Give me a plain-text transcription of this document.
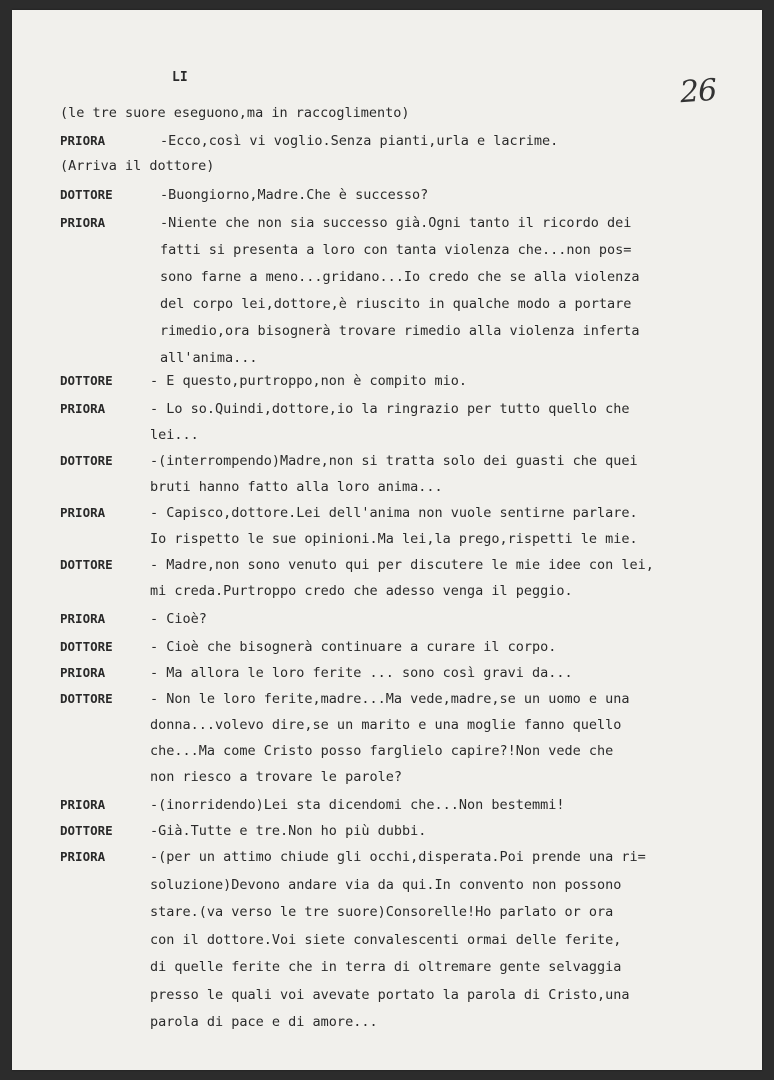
LI	26
(le tre suore eseguono,ma in raccoglimento)
PRIORA	-Ecco,così vi voglio.Senza pianti,urla e lacrime.
(Arriva il dottore)
DOTTORE	-Buongiorno,Madre.Che è successo?
PRIORA	-Niente che non sia successo già.Ogni tanto il ricordo dei
fatti si presenta a loro con tanta violenza che...non pos=
sono farne a meno...gridano...Io credo che se alla violenza
del corpo lei,dottore,è riuscito in qualche modo a portare
rimedio,ora bisognerà trovare rimedio alla violenza inferta
all'anima...
DOTTORE	- E questo,purtroppo,non è compito mio.
PRIORA	- Lo so.Quindi,dottore,io la ringrazio per tutto quello che
lei...
DOTTORE	-(interrompendo)Madre,non si tratta solo dei guasti che quei
bruti hanno fatto alla loro anima...
PRIORA	- Capisco,dottore.Lei dell'anima non vuole sentirne parlare.
Io rispetto le sue opinioni.Ma lei,la prego,rispetti le mie.
DOTTORE	- Madre,non sono venuto qui per discutere le mie idee con lei,
mi creda.Purtroppo credo che adesso venga il peggio.
PRIORA	- Cioè?
DOTTORE	- Cioè che bisognerà continuare a curare il corpo.
PRIORA	- Ma allora le loro ferite ... sono così gravi da...
DOTTORE	- Non le loro ferite,madre...Ma vede,madre,se un uomo e una
donna...volevo dire,se un marito e una moglie fanno quello
che...Ma come Cristo posso farglielo capire?!Non vede che
non riesco a trovare le parole?
PRIORA	-(inorridendo)Lei sta dicendomi che...Non bestemmi!
DOTTORE	-Già.Tutte e tre.Non ho più dubbi.
PRIORA	-(per un attimo chiude gli occhi,disperata.Poi prende una ri=
soluzione)Devono andare via da qui.In convento non possono
stare.(va verso le tre suore)Consorelle!Ho parlato or ora
con il dottore.Voi siete convalescenti ormai delle ferite,
di quelle ferite che in terra di oltremare gente selvaggia
presso le quali voi avevate portato la parola di Cristo,una
parola di pace e di amore...
